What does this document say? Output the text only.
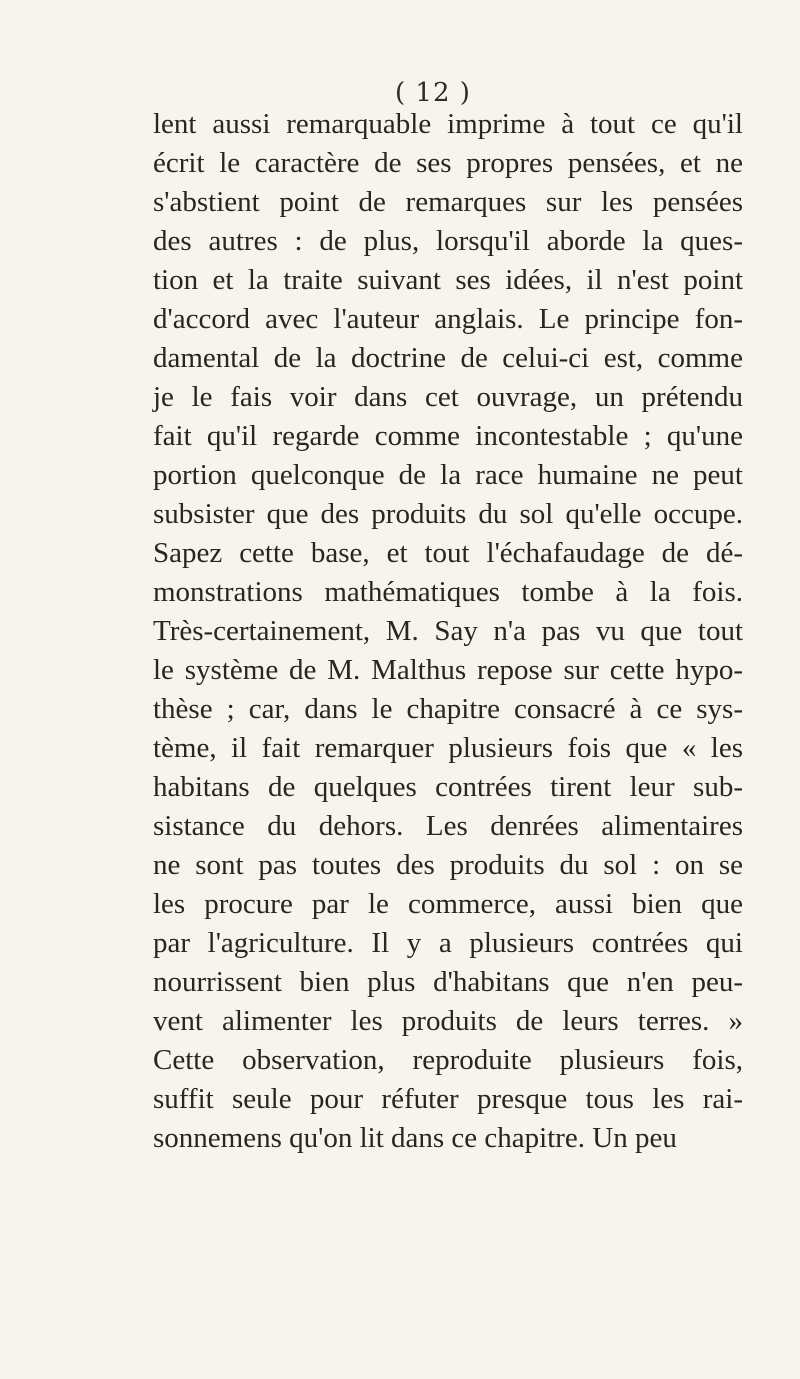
( 12 )
lent aussi remarquable imprime à tout ce qu'il
écrit le caractère de ses propres pensées, et ne
s'abstient point de remarques sur les pensées
des autres : de plus, lorsqu'il aborde la ques-
tion et la traite suivant ses idées, il n'est point
d'accord avec l'auteur anglais. Le principe fon-
damental de la doctrine de celui-ci est, comme
je le fais voir dans cet ouvrage, un prétendu
fait qu'il regarde comme incontestable ; qu'une
portion quelconque de la race humaine ne peut
subsister que des produits du sol qu'elle occupe.
Sapez cette base, et tout l'échafaudage de dé-
monstrations mathématiques tombe à la fois.
Très-certainement, M. Say n'a pas vu que tout
le système de M. Malthus repose sur cette hypo-
thèse ; car, dans le chapitre consacré à ce sys-
tème, il fait remarquer plusieurs fois que « les
habitans de quelques contrées tirent leur sub-
sistance du dehors. Les denrées alimentaires
ne sont pas toutes des produits du sol : on se
les procure par le commerce, aussi bien que
par l'agriculture. Il y a plusieurs contrées qui
nourrissent bien plus d'habitans que n'en peu-
vent alimenter les produits de leurs terres. »
Cette observation, reproduite plusieurs fois,
suffit seule pour réfuter presque tous les rai-
sonnemens qu'on lit dans ce chapitre. Un peu
